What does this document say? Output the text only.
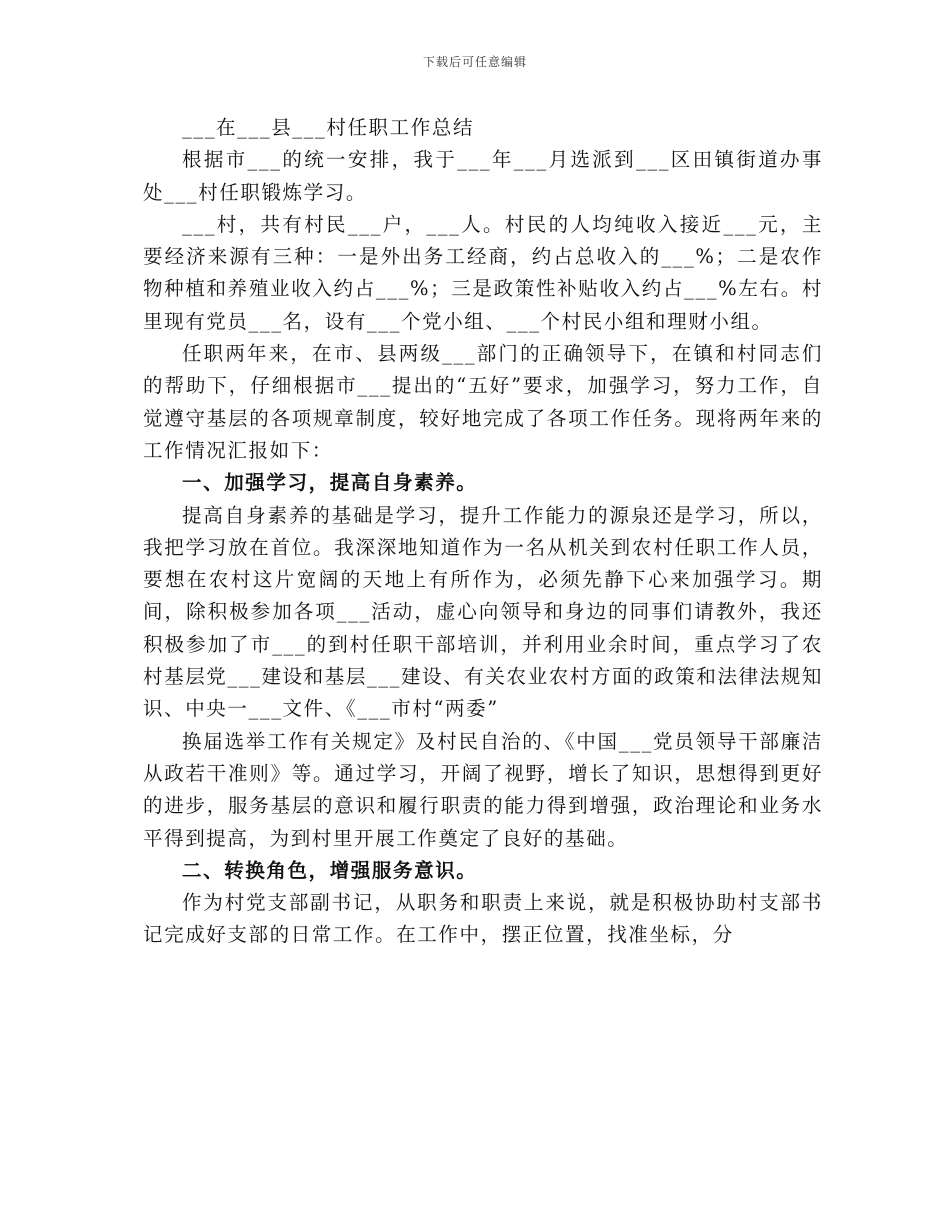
下载后可任意编辑

___在___县___村任职工作总结

根据市___的统一安排，我于___年___月选派到___区田镇街道办事处___村任职锻炼学习。

___村，共有村民___户，___人。村民的人均纯收入接近___元，主要经济来源有三种：一是外出务工经商，约占总收入的___%；二是农作物种植和养殖业收入约占___%；三是政策性补贴收入约占___%左右。村里现有党员___名，设有___个党小组、___个村民小组和理财小组。

任职两年来，在市、县两级___部门的正确领导下，在镇和村同志们的帮助下，仔细根据市___提出的“五好”要求，加强学习，努力工作，自觉遵守基层的各项规章制度，较好地完成了各项工作任务。现将两年来的工作情况汇报如下：

一、加强学习，提高自身素养。

提高自身素养的基础是学习，提升工作能力的源泉还是学习，所以，我把学习放在首位。我深深地知道作为一名从机关到农村任职工作人员，要想在农村这片宽阔的天地上有所作为，必须先静下心来加强学习。期间，除积极参加各项___活动，虚心向领导和身边的同事们请教外，我还积极参加了市___的到村任职干部培训，并利用业余时间，重点学习了农村基层党___建设和基层___建设、有关农业农村方面的政策和法律法规知识、中央一___文件、《___市村“两委”

换届选举工作有关规定》及村民自治的、《中国___党员领导干部廉洁从政若干准则》等。通过学习，开阔了视野，增长了知识，思想得到更好的进步，服务基层的意识和履行职责的能力得到增强，政治理论和业务水平得到提高，为到村里开展工作奠定了良好的基础。

二、转换角色，增强服务意识。

作为村党支部副书记，从职务和职责上来说，就是积极协助村支部书记完成好支部的日常工作。在工作中，摆正位置，找准坐标，分
